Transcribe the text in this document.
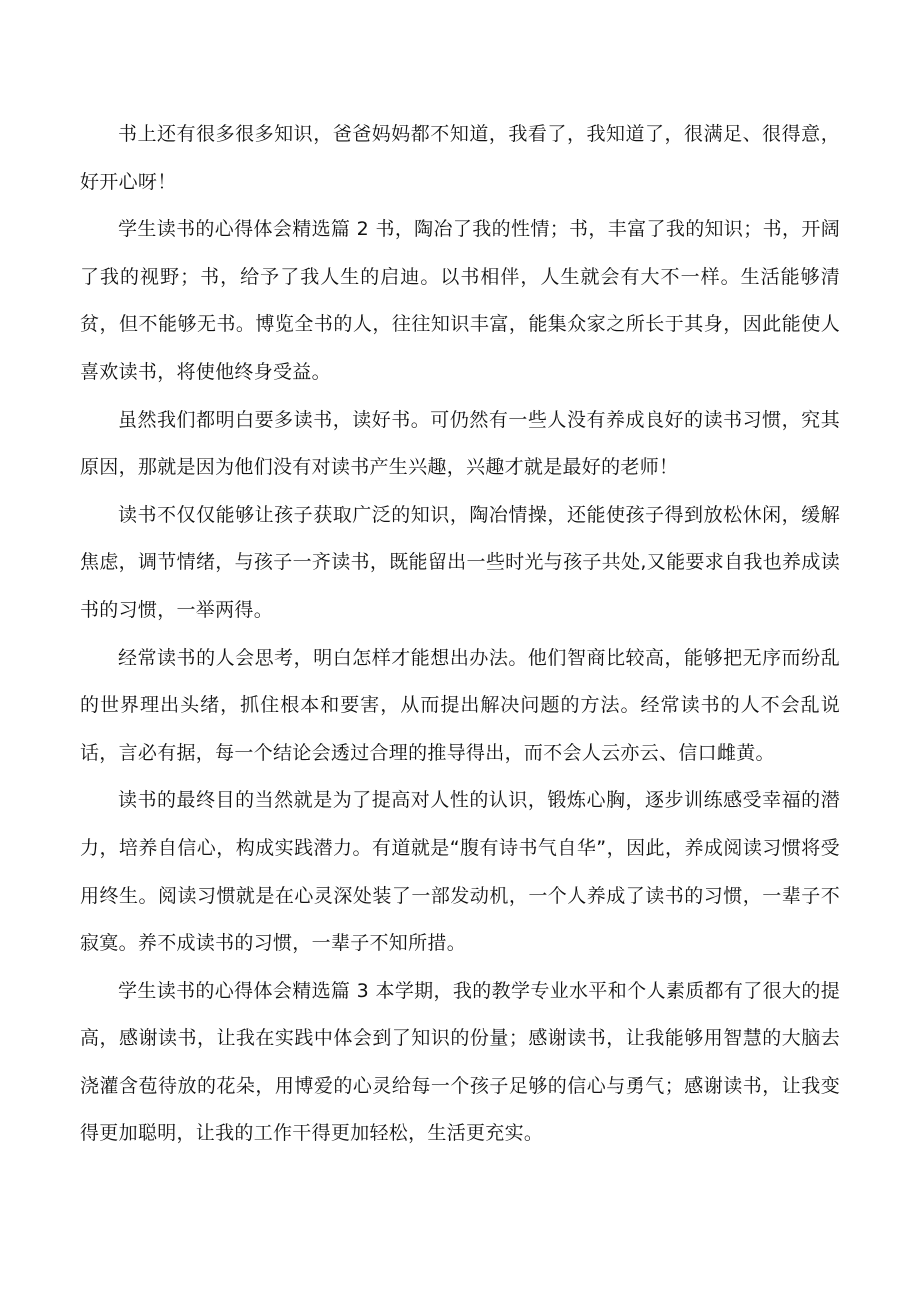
书上还有很多很多知识，爸爸妈妈都不知道，我看了，我知道了，很满足、很得意，好开心呀！

学生读书的心得体会精选篇 2 书，陶冶了我的性情；书，丰富了我的知识；书，开阔了我的视野；书，给予了我人生的启迪。以书相伴，人生就会有大不一样。生活能够清贫，但不能够无书。博览全书的人，往往知识丰富，能集众家之所长于其身，因此能使人喜欢读书，将使他终身受益。

虽然我们都明白要多读书，读好书。可仍然有一些人没有养成良好的读书习惯，究其原因，那就是因为他们没有对读书产生兴趣，兴趣才就是最好的老师！

读书不仅仅能够让孩子获取广泛的知识，陶冶情操，还能使孩子得到放松休闲，缓解焦虑，调节情绪，与孩子一齐读书，既能留出一些时光与孩子共处,又能要求自我也养成读书的习惯，一举两得。

经常读书的人会思考，明白怎样才能想出办法。他们智商比较高，能够把无序而纷乱的世界理出头绪，抓住根本和要害，从而提出解决问题的方法。经常读书的人不会乱说话，言必有据，每一个结论会透过合理的推导得出，而不会人云亦云、信口雌黄。

读书的最终目的当然就是为了提高对人性的认识，锻炼心胸，逐步训练感受幸福的潜力，培养自信心，构成实践潜力。有道就是“腹有诗书气自华”，因此，养成阅读习惯将受用终生。阅读习惯就是在心灵深处装了一部发动机，一个人养成了读书的习惯，一辈子不寂寞。养不成读书的习惯，一辈子不知所措。

学生读书的心得体会精选篇 3 本学期，我的教学专业水平和个人素质都有了很大的提高，感谢读书，让我在实践中体会到了知识的份量；感谢读书，让我能够用智慧的大脑去浇灌含苞待放的花朵，用博爱的心灵给每一个孩子足够的信心与勇气；感谢读书，让我变得更加聪明，让我的工作干得更加轻松，生活更充实。
